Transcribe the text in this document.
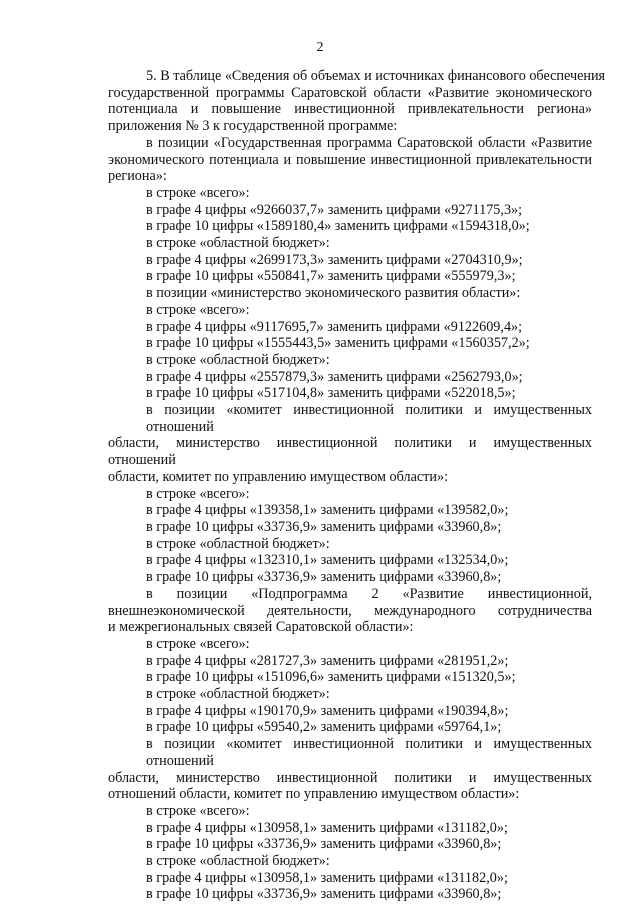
2
5. В таблице «Сведения об объемах и источниках финансового обеспечения
государственной программы Саратовской области «Развитие экономического
потенциала и повышение инвестиционной привлекательности региона»
приложения № 3 к государственной программе:
в позиции «Государственная программа Саратовской области «Развитие
экономического потенциала и повышение инвестиционной привлекательности
региона»:
в строке «всего»:
в графе 4 цифры «9266037,7» заменить цифрами «9271175,3»;
в графе 10 цифры «1589180,4» заменить цифрами «1594318,0»;
в строке «областной бюджет»:
в графе 4 цифры «2699173,3» заменить цифрами «2704310,9»;
в графе 10 цифры «550841,7» заменить цифрами «555979,3»;
в позиции «министерство экономического развития области»:
в строке «всего»:
в графе 4 цифры «9117695,7» заменить цифрами «9122609,4»;
в графе 10 цифры «1555443,5» заменить цифрами «1560357,2»;
в строке «областной бюджет»:
в графе 4 цифры «2557879,3» заменить цифрами «2562793,0»;
в графе 10 цифры «517104,8» заменить цифрами «522018,5»;
в позиции «комитет инвестиционной политики и имущественных отношений
области, министерство инвестиционной политики и имущественных отношений
области, комитет по управлению имуществом области»:
в строке «всего»:
в графе 4 цифры «139358,1» заменить цифрами «139582,0»;
в графе 10 цифры «33736,9» заменить цифрами «33960,8»;
в строке «областной бюджет»:
в графе 4 цифры «132310,1» заменить цифрами «132534,0»;
в графе 10 цифры «33736,9» заменить цифрами «33960,8»;
в позиции «Подпрограмма 2 «Развитие инвестиционной,
внешнеэкономической деятельности, международного сотрудничества
и межрегиональных связей Саратовской области»:
в строке «всего»:
в графе 4 цифры «281727,3» заменить цифрами «281951,2»;
в графе 10 цифры «151096,6» заменить цифрами «151320,5»;
в строке «областной бюджет»:
в графе 4 цифры «190170,9» заменить цифрами «190394,8»;
в графе 10 цифры «59540,2» заменить цифрами «59764,1»;
в позиции «комитет инвестиционной политики и имущественных отношений
области, министерство инвестиционной политики и имущественных
отношений области, комитет по управлению имуществом области»:
в строке «всего»:
в графе 4 цифры «130958,1» заменить цифрами «131182,0»;
в графе 10 цифры «33736,9» заменить цифрами «33960,8»;
в строке «областной бюджет»:
в графе 4 цифры «130958,1» заменить цифрами «131182,0»;
в графе 10 цифры «33736,9» заменить цифрами «33960,8»;
